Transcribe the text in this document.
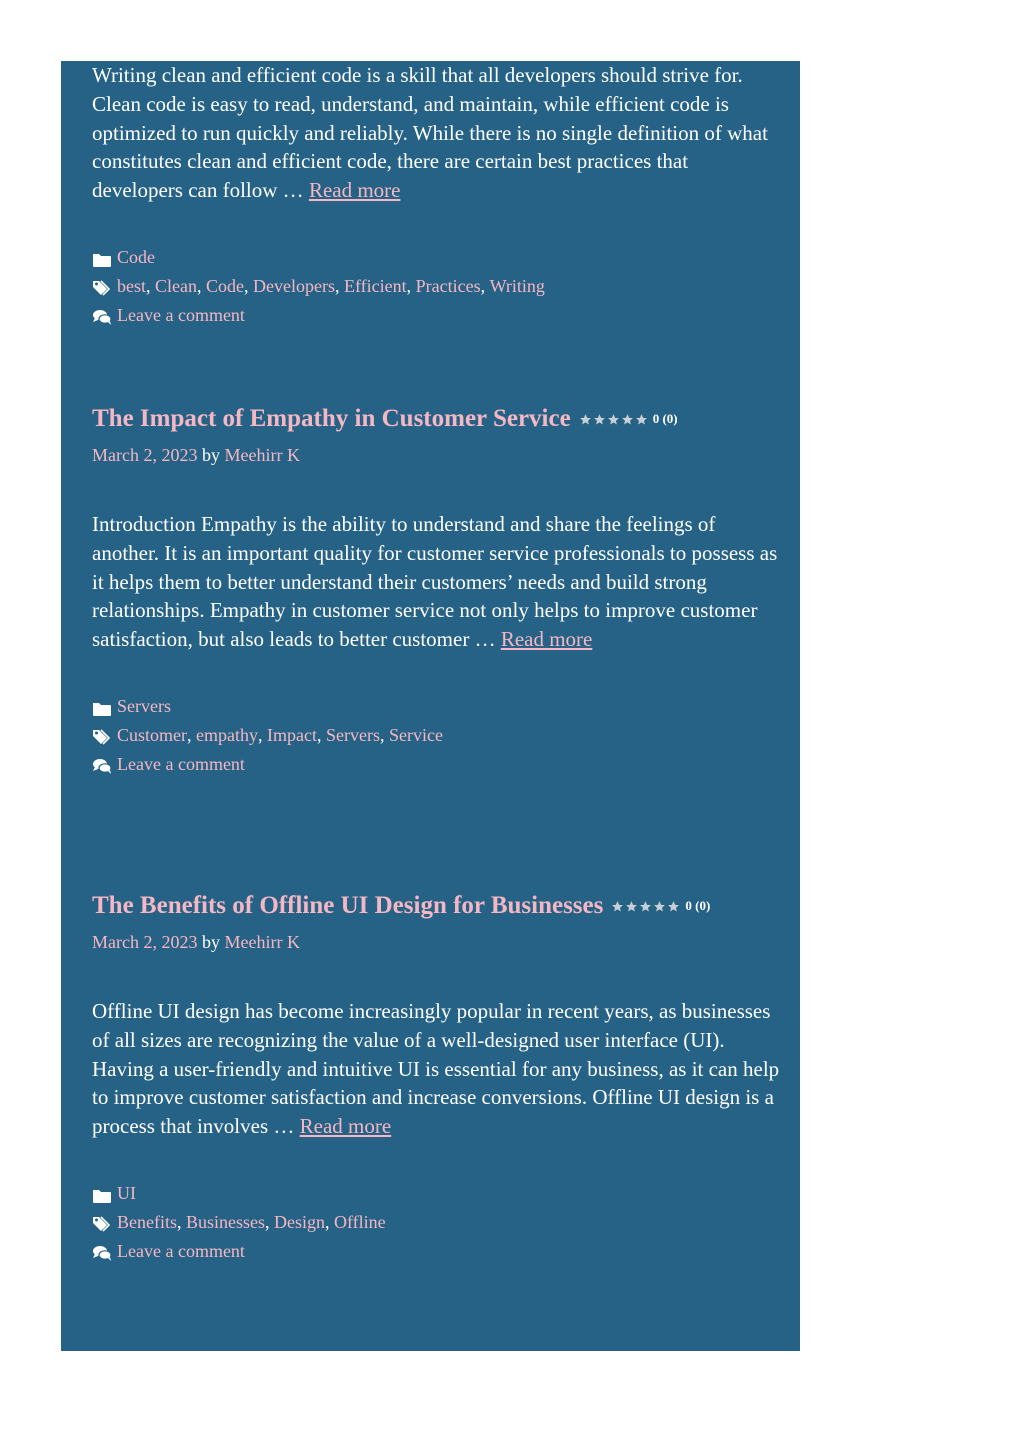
Writing clean and efficient code is a skill that all developers should strive for. Clean code is easy to read, understand, and maintain, while efficient code is optimized to run quickly and reliably. While there is no single definition of what constitutes clean and efficient code, there are certain best practices that developers can follow … Read more

Code
best , Clean , Code , Developers , Efficient , Practices , Writing
Leave a comment
The Impact of Empathy in Customer Service	0 (0)
March 2, 2023 by Meehirr K

Introduction Empathy is the ability to understand and share the feelings of another. It is an important quality for customer service professionals to possess as it helps them to better understand their customers’ needs and build strong relationships. Empathy in customer service not only helps to improve customer satisfaction, but also leads to better customer … Read more

Servers
Customer , empathy , Impact , Servers , Service
Leave a comment
The Benefits of Offline UI Design for Businesses	0 (0)
March 2, 2023 by Meehirr K

Offline UI design has become increasingly popular in recent years, as businesses of all sizes are recognizing the value of a well-designed user interface (UI). Having a user-friendly and intuitive UI is essential for any business, as it can help to improve customer satisfaction and increase conversions. Offline UI design is a process that involves … Read more

UI
Benefits , Businesses , Design , Offline
Leave a comment
